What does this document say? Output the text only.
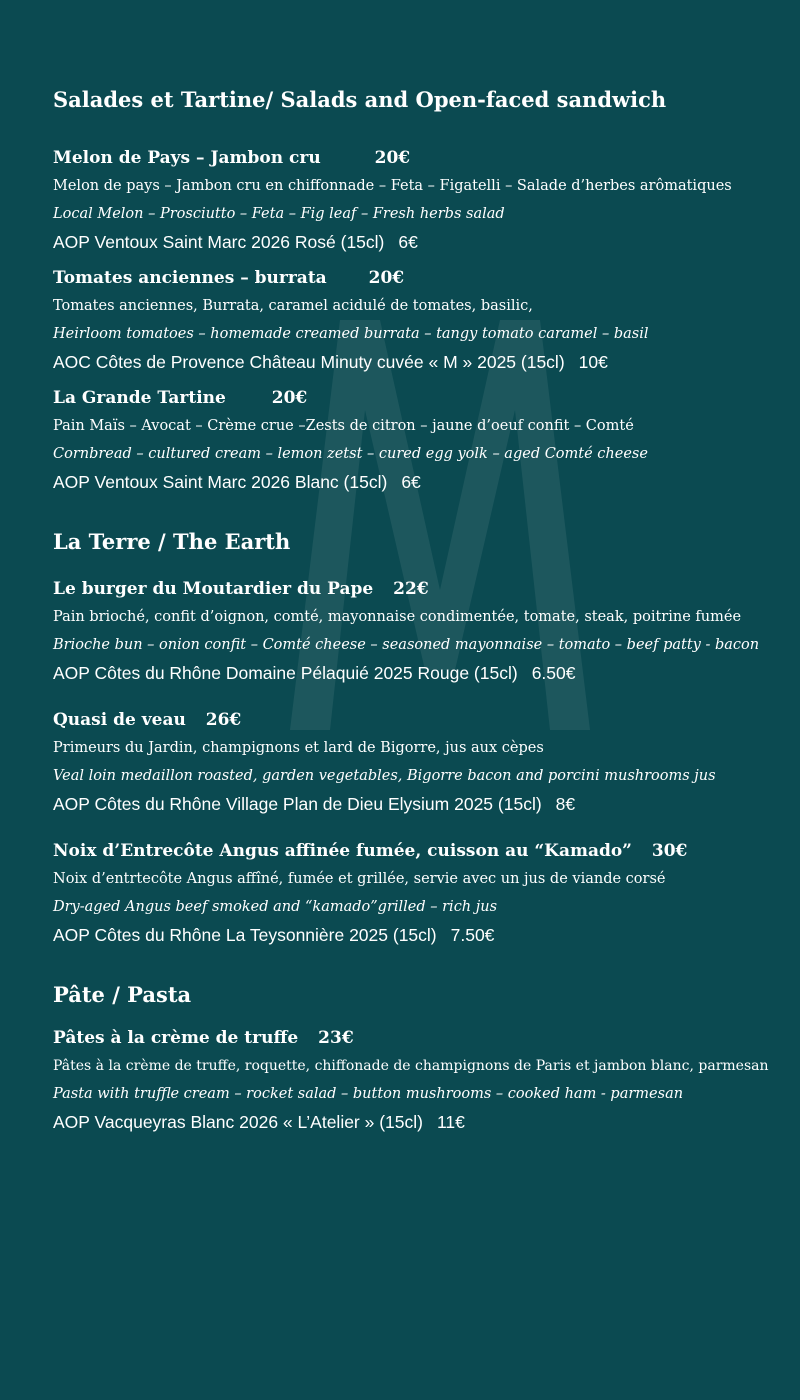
Salades et Tartine/ Salads and Open-faced sandwich
Melon de Pays – Jambon cru	20€
Melon de pays – Jambon cru en chiffonnade – Feta – Figatelli – Salade d’herbes arômatiques
Local Melon – Prosciutto – Feta – Fig leaf – Fresh herbs salad
AOP Ventoux Saint Marc 2026 Rosé (15cl) 6€
Tomates anciennes – burrata 20€
Tomates anciennes, Burrata, caramel acidulé de tomates, basilic,
Heirloom tomatoes – homemade creamed burrata – tangy tomato caramel – basil
AOC Côtes de Provence Château Minuty cuvée « M » 2025 (15cl) 10€
La Grande Tartine	20€
Pain Maïs – Avocat – Crème crue –Zests de citron – jaune d’oeuf confit – Comté
Cornbread – cultured cream – lemon zetst – cured egg yolk – aged Comté cheese
AOP Ventoux Saint Marc 2026 Blanc (15cl) 6€
La Terre / The Earth
Le burger du Moutardier du Pape 22€
Pain brioché, confit d’oignon, comté, mayonnaise condimentée, tomate, steak, poitrine fumée
Brioche bun – onion confit – Comté cheese – seasoned mayonnaise – tomato – beef patty - bacon
AOP Côtes du Rhône Domaine Pélaquié 2025 Rouge (15cl) 6.50€
Quasi de veau 26€
Primeurs du Jardin, champignons et lard de Bigorre, jus aux cèpes
Veal loin medaillon roasted, garden vegetables, Bigorre bacon and porcini mushrooms jus
AOP Côtes du Rhône Village Plan de Dieu Elysium 2025 (15cl) 8€
Noix d’Entrecôte Angus affinée fumée, cuisson au “Kamado” 30€
Noix d’entrtecôte Angus affîné, fumée et grillée, servie avec un jus de viande corsé
Dry-aged Angus beef smoked and “kamado”grilled – rich jus
AOP Côtes du Rhône La Teysonnière 2025 (15cl) 7.50€
Pâte / Pasta
Pâtes à la crème de truffe 23€
Pâtes à la crème de truffe, roquette, chiffonade de champignons de Paris et jambon blanc, parmesan
Pasta with truffle cream – rocket salad – button mushrooms – cooked ham - parmesan
AOP Vacqueyras Blanc 2026 « L’Atelier » (15cl) 11€
